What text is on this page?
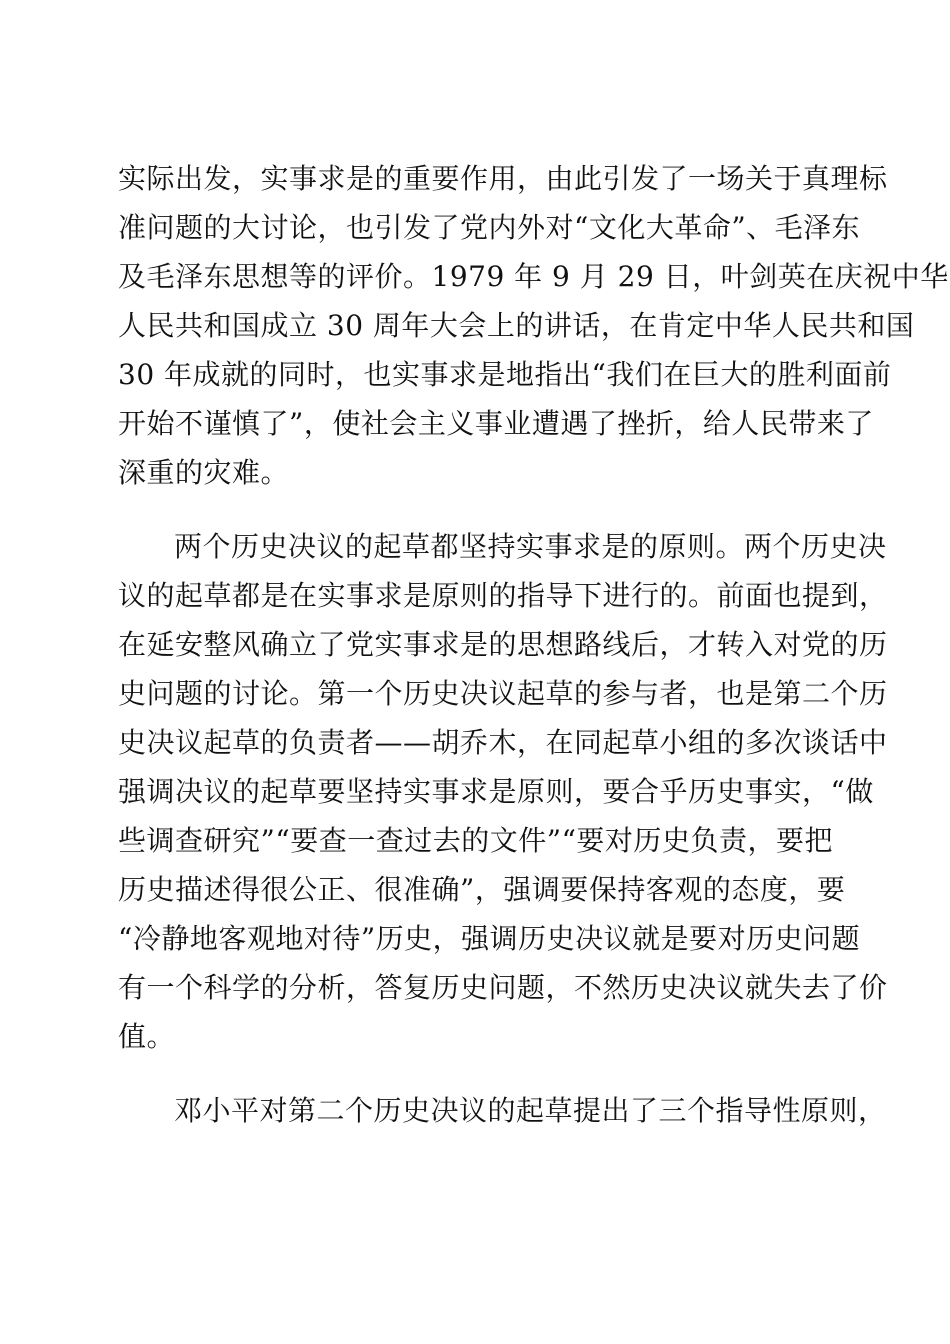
实际出发，实事求是的重要作用，由此引发了一场关于真理标
准问题的大讨论，也引发了党内外对“文化大革命”、毛泽东
及毛泽东思想等的评价。1979 年 9 月 29 日，叶剑英在庆祝中华
人民共和国成立 30 周年大会上的讲话，在肯定中华人民共和国
30 年成就的同时，也实事求是地指出“我们在巨大的胜利面前
开始不谨慎了”，使社会主义事业遭遇了挫折，给人民带来了
深重的灾难。
两个历史决议的起草都坚持实事求是的原则。两个历史决
议的起草都是在实事求是原则的指导下进行的。前面也提到，
在延安整风确立了党实事求是的思想路线后，才转入对党的历
史问题的讨论。第一个历史决议起草的参与者，也是第二个历
史决议起草的负责者——胡乔木，在同起草小组的多次谈话中
强调决议的起草要坚持实事求是原则，要合乎历史事实，“做
些调查研究”“要查一查过去的文件”“要对历史负责，要把
历史描述得很公正、很准确”，强调要保持客观的态度，要
“冷静地客观地对待”历史，强调历史决议就是要对历史问题
有一个科学的分析，答复历史问题，不然历史决议就失去了价
值。
邓小平对第二个历史决议的起草提出了三个指导性原则，
